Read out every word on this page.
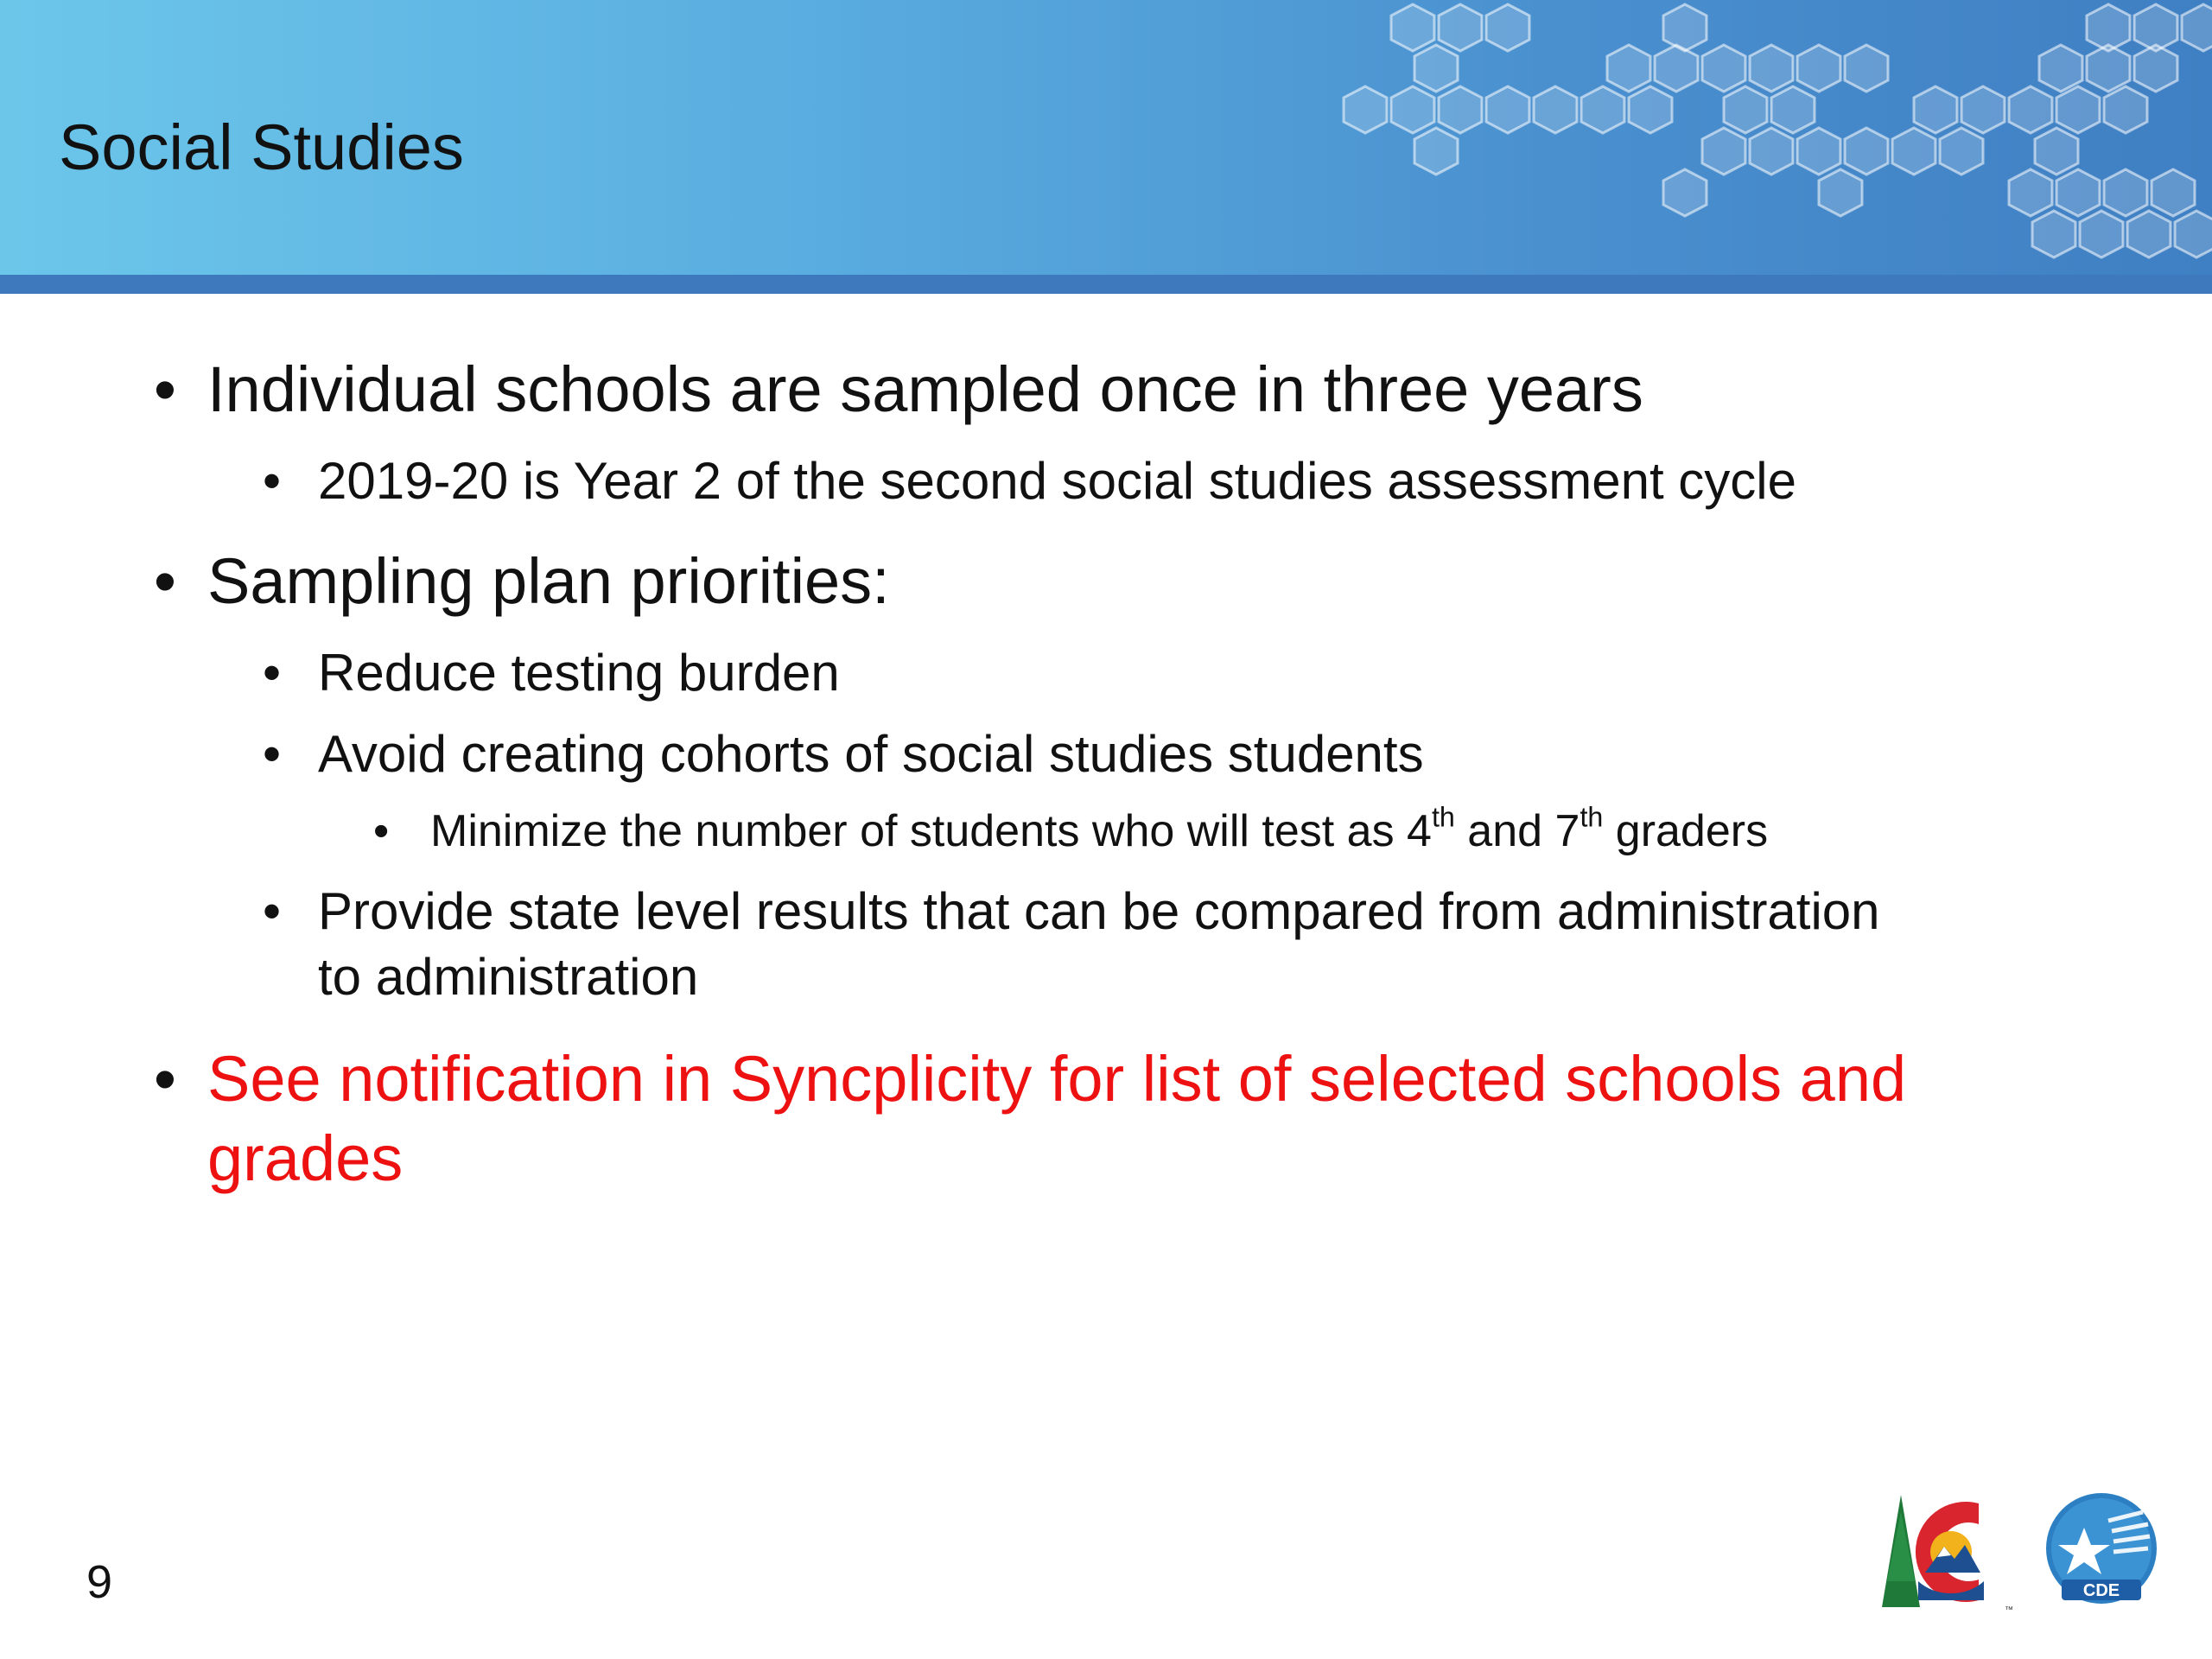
Social Studies
• Individual schools are sampled once in three years
• 2019-20 is Year 2 of the second social studies assessment cycle
• Sampling plan priorities:
• Reduce testing burden
• Avoid creating cohorts of social studies students
• Minimize the number of students who will test as 4th and 7th graders
• Provide state level results that can be compared from administration
to administration
• See notification in Syncplicity for list of selected schools and
grades
9
™
CDE
